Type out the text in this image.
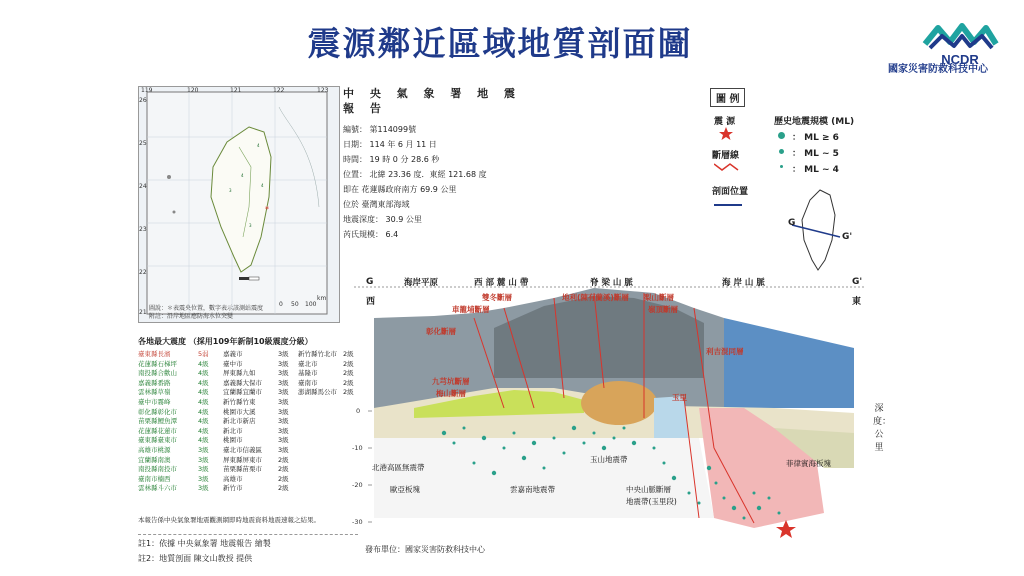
震源鄰近區域地質剖面圖	NCDR
國家災害防救科技中心
*
4
4
3
4
3
119	120	121	122	123
26
25
24
23
22
21
圖說：＊表震央位置，數字表示該測站震度
附註：沿岸地區應防海水位突變
0 50 100
km
中 央 氣 象 署 地 震 報 告
編號： 第114099號
日期： 114 年 6 月 11 日
時間： 19 時 0 分 28.6 秒
位置： 北緯 23.36 度．東經 121.68 度
即在 花蓮縣政府南方 69.9 公里
位於 臺灣東部海域
地震深度： 30.9 公里
芮氏規模： 6.4
各地最大震度 （採用109年新制10級震度分級）
臺東縣長濱	5弱	嘉義市	3級	新竹縣竹北市 2級
花蓮縣石梯坪	4級	臺中市	3級	臺北市	2級
南投縣合歡山	4級	屏東縣九如	3級	基隆市	2級
嘉義縣番路	4級	嘉義縣大保市	3級	臺南市	2級
雲林縣草嶺	4級	宜蘭縣宜蘭市	3級	澎湖縣馬公市 2級
臺中市霧峰	4級	新竹縣竹東	3級
彰化縣彰化市	4級	桃園市大溪	3級
苗栗縣鯉魚潭	4級	新北市新店	3級
花蓮縣花蓮市	4級	新北市	3級
臺東縣臺東市	4級	桃園市	3級
高雄市桃源	3級	臺北市信義區	3級
宜蘭縣南澳	3級	屏東縣屏東市	2級
南投縣南投市	3級	苗栗縣苗栗市	2級
臺南市楠西	3級	高雄市	2級
雲林縣斗六市	3級	新竹市	2級
本報告係中央氣象署地震觀測網即時地震資料地震速報之結果。
註1：依據 中央氣象署 地震報告 繪製
註2：地質剖面 陳文山教授 提供
發布單位：國家災害防救科技中心
圖 例
震 源
斷層線
剖面位置
歷史地震規模 (ML)
： ML ≥ 6
： ML ~ 5
： ML ~ 4
G
G'
G	G'
西	東
海岸平原	西 部 麓 山 帶	脊 梁 山 脈	海 岸 山 脈
雙冬斷層
車籠埔斷層
彰化斷層
九芎坑斷層
梅山斷層
地利(陳有蘭溪)斷層
嶺頂斷層
梨山斷層
利吉混同層
玉里
0
-10
-20
-30
北港高區無震帶
歐亞板塊	雲嘉南地震帶
玉山地震帶
中央山脈斷層
地震帶(玉里段)
菲律賓海板塊
深度：公里
